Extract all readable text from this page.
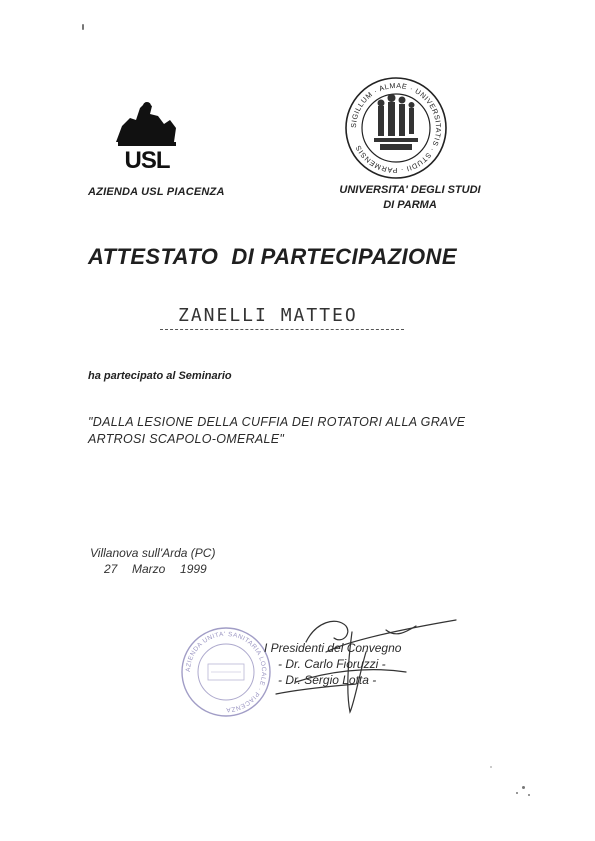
USL
AZIENDA USL PIACENZA
SIGILLUM · ALMAE · UNIVERSITATIS · STUDII · PARMENSIS
UNIVERSITA' DEGLI STUDI
DI PARMA
ATTESTATO  DI PARTECIPAZIONE
ZANELLI MATTEO
ha partecipato al Seminario
"DALLA LESIONE DELLA CUFFIA DEI ROTATORI ALLA GRAVE
ARTROSI SCAPOLO-OMERALE"
Villanova sull'Arda (PC)
27  Marzo  1999
AZIENDA UNITA' SANITARIA LOCALE · PIACENZA
I Presidenti del Convegno
- Dr. Carlo Fioruzzi -
- Dr. Sergio Lotta -
